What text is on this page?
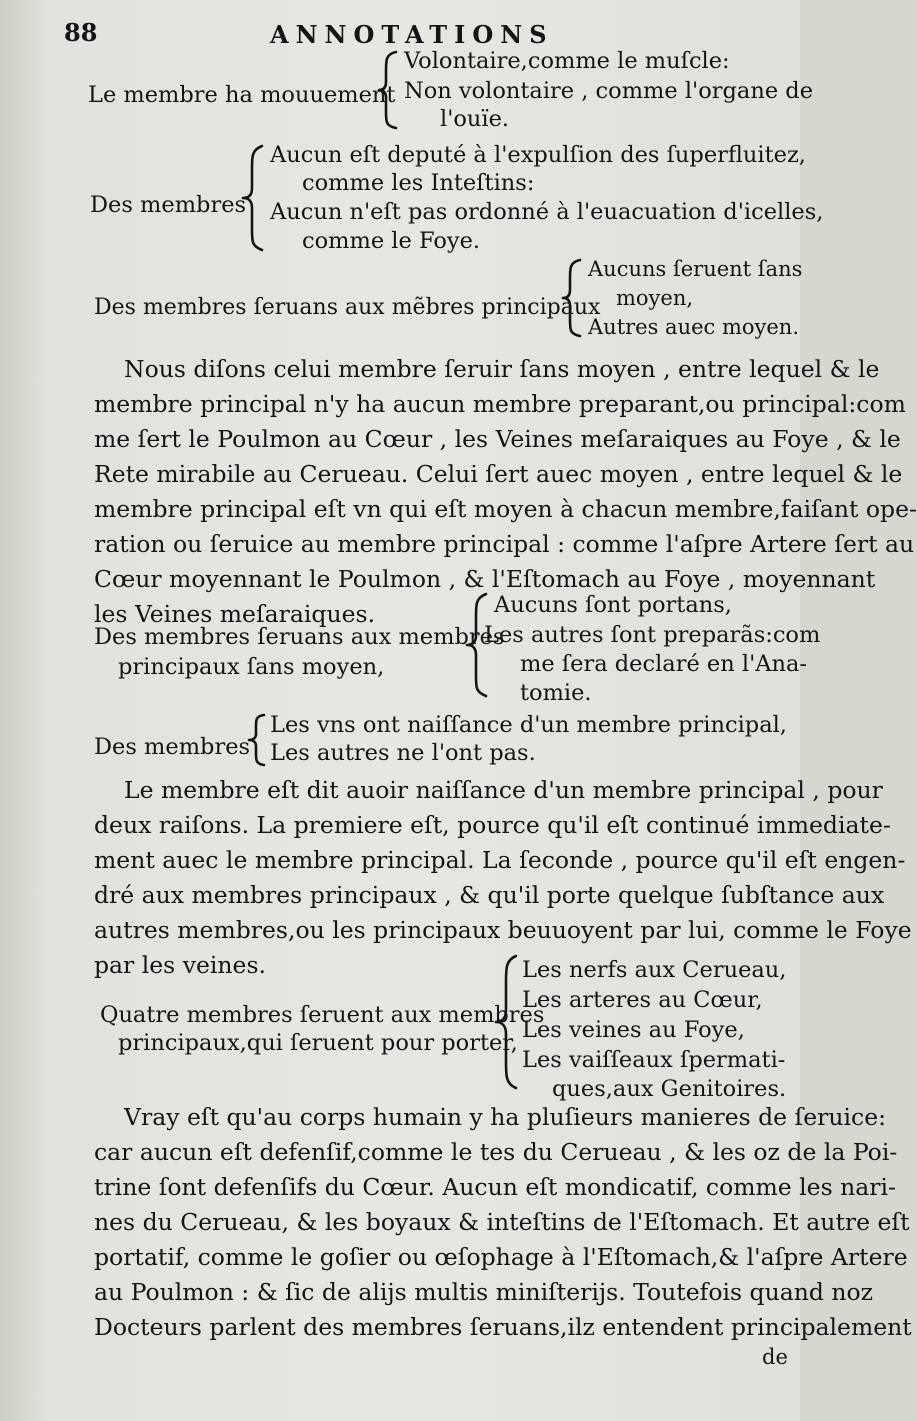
88	ANNOTATIONS
Le membre ha mouuement
Volontaire,comme le muſcle:
Non volontaire , comme l'organe de
l'ouïe.
Des membres
Aucun eſt deputé à l'expulſion des ſuperfluitez,
comme les Inteſtins:
Aucun n'eſt pas ordonné à l'euacuation d'icelles,
comme le Foye.
Des membres ſeruans aux mẽbres principaux
Aucuns ſeruent ſans
moyen,
Autres auec moyen.
Nous diſons celui membre ſeruir ſans moyen , entre lequel & le
membre principal n'y ha aucun membre preparant,ou principal:com
me ſert le Poulmon au Cœur , les Veines meſaraiques au Foye , & le
Rete mirabile au Cerueau. Celui ſert auec moyen , entre lequel & le
membre principal eſt vn qui eſt moyen à chacun membre,faiſant ope-
ration ou ſeruice au membre principal : comme l'aſpre Artere ſert au
Cœur moyennant le Poulmon , & l'Eſtomach au Foye , moyennant
les Veines meſaraiques.
Des membres ſeruans aux membres
principaux ſans moyen,
Aucuns ſont portans,
Les autres ſont preparãs:com
me ſera declaré en l'Ana-
tomie.
Des membres
Les vns ont naiſſance d'un membre principal,
Les autres ne l'ont pas.
Le membre eſt dit auoir naiſſance d'un membre principal , pour
deux raiſons. La premiere eſt, pource qu'il eſt continué immediate-
ment auec le membre principal. La ſeconde , pource qu'il eſt engen-
dré aux membres principaux , & qu'il porte quelque ſubſtance aux
autres membres,ou les principaux beuuoyent par lui, comme le Foye
par les veines.
Quatre membres ſeruent aux membres
principaux,qui ſeruent pour porter,
Les nerfs aux Cerueau,
Les arteres au Cœur,
Les veines au Foye,
Les vaiſſeaux ſpermati-
ques,aux Genitoires.
Vray eſt qu'au corps humain y ha pluſieurs manieres de ſeruice:
car aucun eſt defenſif,comme le tes du Cerueau , & les oz de la Poi-
trine ſont defenſifs du Cœur. Aucun eſt mondicatif, comme les nari-
nes du Cerueau, & les boyaux & inteſtins de l'Eſtomach. Et autre eſt
portatif, comme le goſier ou œſophage à l'Eſtomach,& l'aſpre Artere
au Poulmon : & ſic de alijs multis miniſterijs. Toutefois quand noz
Docteurs parlent des membres ſeruans,ilz entendent principalement
de
